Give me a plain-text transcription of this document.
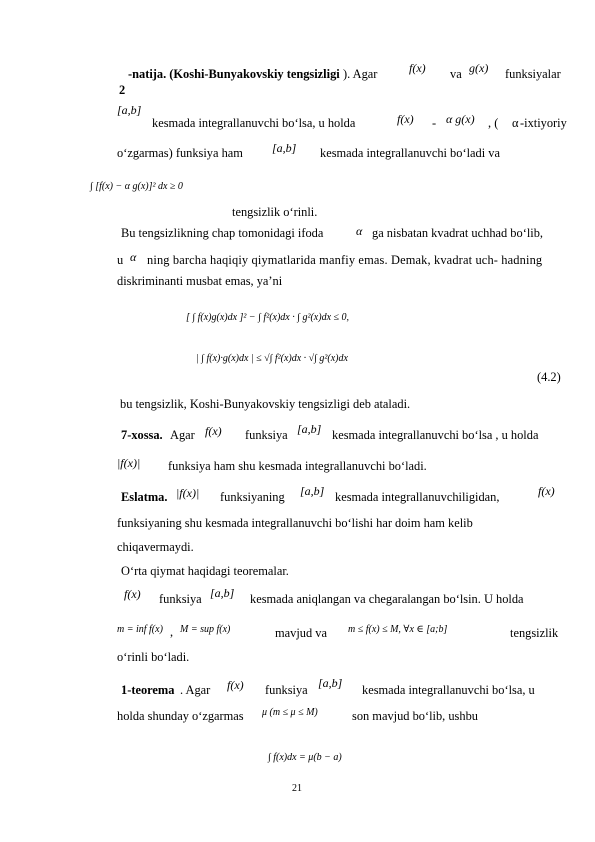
-natija. (Koshi-Bunyakovskiy tengsizligi ). Agar	f(x) va g(x) funksiyalar
2
[a,b]
kesmada integrallanuvchi bo‘lsa, u holda	f(x) - α g(x) , ( α -ixtiyoriy
o‘zgarmas) funksiya ham [a,b] kesmada integrallanuvchi bo‘ladi va
∫ [f(x) − α g(x)]² dx ≥ 0
tengsizlik o‘rinli.
Bu tengsizlikning chap tomonidagi ifoda	α ga nisbatan kvadrat uchhad bo‘lib,
u α ning barcha haqiqiy qiymatlarida manfiy emas. Demak, kvadrat uch- hadning
diskriminanti musbat emas, ya’ni
[ ∫ f(x)g(x)dx ]² − ∫ f²(x)dx · ∫ g²(x)dx ≤ 0,
| ∫ f(x)·g(x)dx | ≤ √∫ f²(x)dx · √∫ g²(x)dx
(4.2)
bu tengsizlik, Koshi-Bunyakovskiy tengsizligi deb ataladi.
7-xossa. Agar f(x) funksiya [a,b] kesmada integrallanuvchi bo‘lsa , u holda
|f(x)| funksiya ham shu kesmada integrallanuvchi bo‘ladi.
Eslatma. |f(x)| funksiyaning [a,b] kesmada integrallanuvchiligidan,	f(x)
funksiyaning shu kesmada integrallanuvchi bo‘lishi har doim ham kelib
chiqavermaydi.
O‘rta qiymat haqidagi teoremalar.
f(x) funksiya [a,b] kesmada aniqlangan va chegaralangan bo‘lsin. U holda
m = inf f(x) , M = sup f(x)	mavjud va m ≤ f(x) ≤ M, ∀x ∈ [a;b]	tengsizlik
o‘rinli bo‘ladi.
1-teorema . Agar f(x) funksiya [a,b] kesmada integrallanuvchi bo‘lsa, u
holda shunday o‘zgarmas μ (m ≤ μ ≤ M)	son mavjud bo‘lib, ushbu
∫ f(x)dx = μ(b − a)
21
